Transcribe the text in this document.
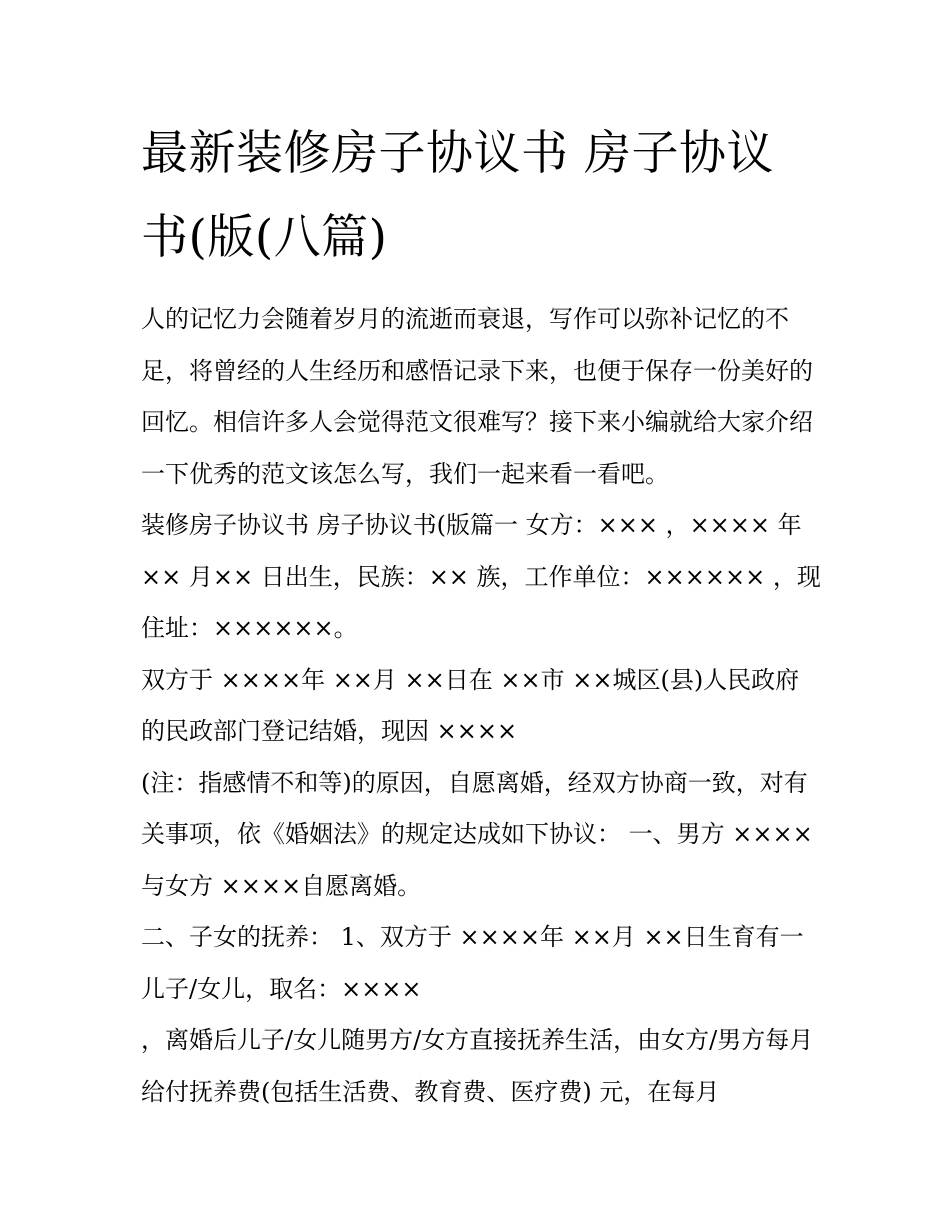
最新装修房子协议书 房子协议书(版(八篇)

人的记忆力会随着岁月的流逝而衰退，写作可以弥补记忆的不足，将曾经的人生经历和感悟记录下来，也便于保存一份美好的回忆。相信许多人会觉得范文很难写？接下来小编就给大家介绍一下优秀的范文该怎么写，我们一起来看一看吧。

装修房子协议书 房子协议书(版篇一 女方：××× ，×××× 年×× 月×× 日出生，民族：×× 族，工作单位：×××××× ，现住址：××××××。

双方于 ××××年 ××月 ××日在 ××市 ××城区(县)人民政府的民政部门登记结婚，现因 ××××

(注：指感情不和等)的原因，自愿离婚，经双方协商一致，对有关事项，依《婚姻法》的规定达成如下协议： 一、男方 ××××与女方 ××××自愿离婚。

二、子女的抚养： 1、双方于 ××××年 ××月 ××日生育有一儿子/女儿，取名：××××

，离婚后儿子/女儿随男方/女方直接抚养生活，由女方/男方每月给付抚养费(包括生活费、教育费、医疗费) 元，在每月
